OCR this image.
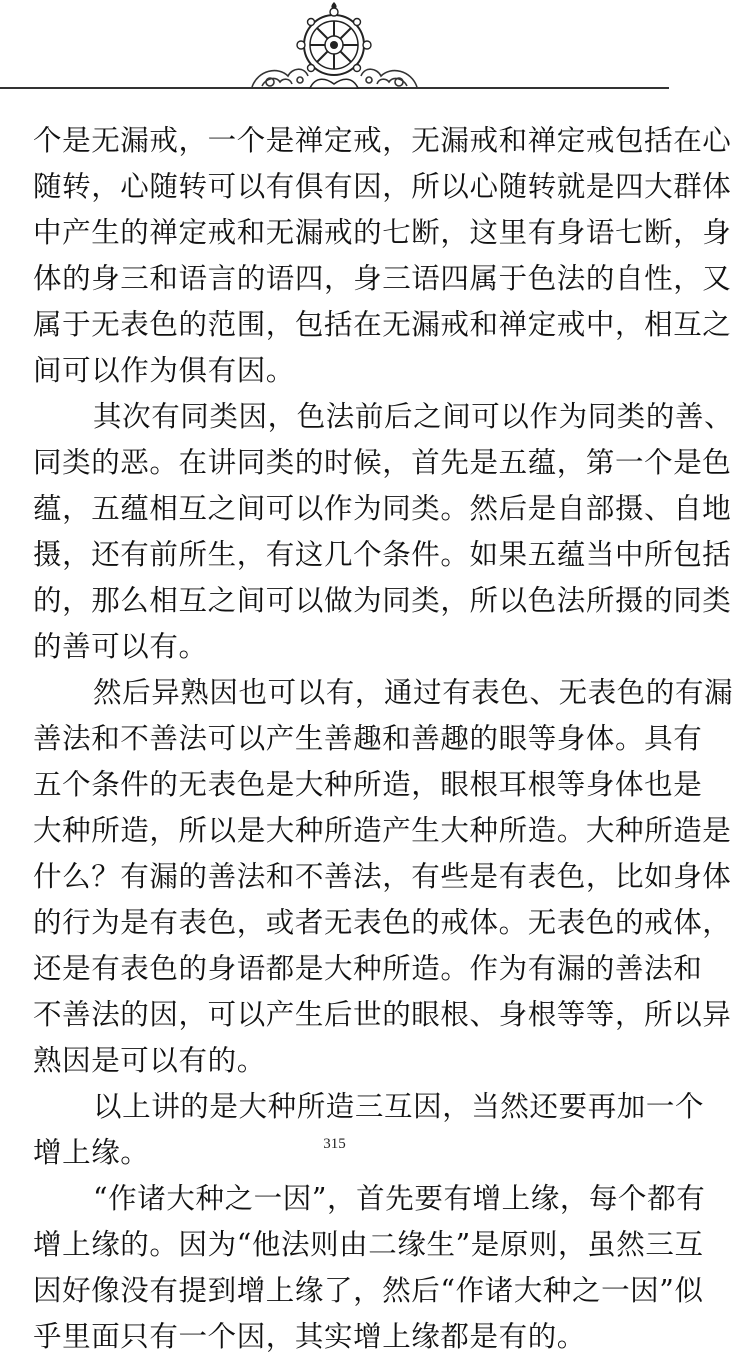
个是无漏戒，一个是禅定戒，无漏戒和禅定戒包括在心
随转，心随转可以有俱有因，所以心随转就是四大群体
中产生的禅定戒和无漏戒的七断，这里有身语七断，身
体的身三和语言的语四，身三语四属于色法的自性，又
属于无表色的范围，包括在无漏戒和禅定戒中，相互之
间可以作为俱有因。
其次有同类因，色法前后之间可以作为同类的善、
同类的恶。在讲同类的时候，首先是五蕴，第一个是色
蕴，五蕴相互之间可以作为同类。然后是自部摄、自地
摄，还有前所生，有这几个条件。如果五蕴当中所包括
的，那么相互之间可以做为同类，所以色法所摄的同类
的善可以有。
然后异熟因也可以有，通过有表色、无表色的有漏
善法和不善法可以产生善趣和善趣的眼等身体。具有
五个条件的无表色是大种所造，眼根耳根等身体也是
大种所造，所以是大种所造产生大种所造。大种所造是
什么？有漏的善法和不善法，有些是有表色，比如身体
的行为是有表色，或者无表色的戒体。无表色的戒体，
还是有表色的身语都是大种所造。作为有漏的善法和
不善法的因，可以产生后世的眼根、身根等等，所以异
熟因是可以有的。
以上讲的是大种所造三互因，当然还要再加一个
增上缘。
“作诸大种之一因”，首先要有增上缘，每个都有
增上缘的。因为“他法则由二缘生”是原则，虽然三互
因好像没有提到增上缘了，然后“作诸大种之一因”似
乎里面只有一个因，其实增上缘都是有的。
315
